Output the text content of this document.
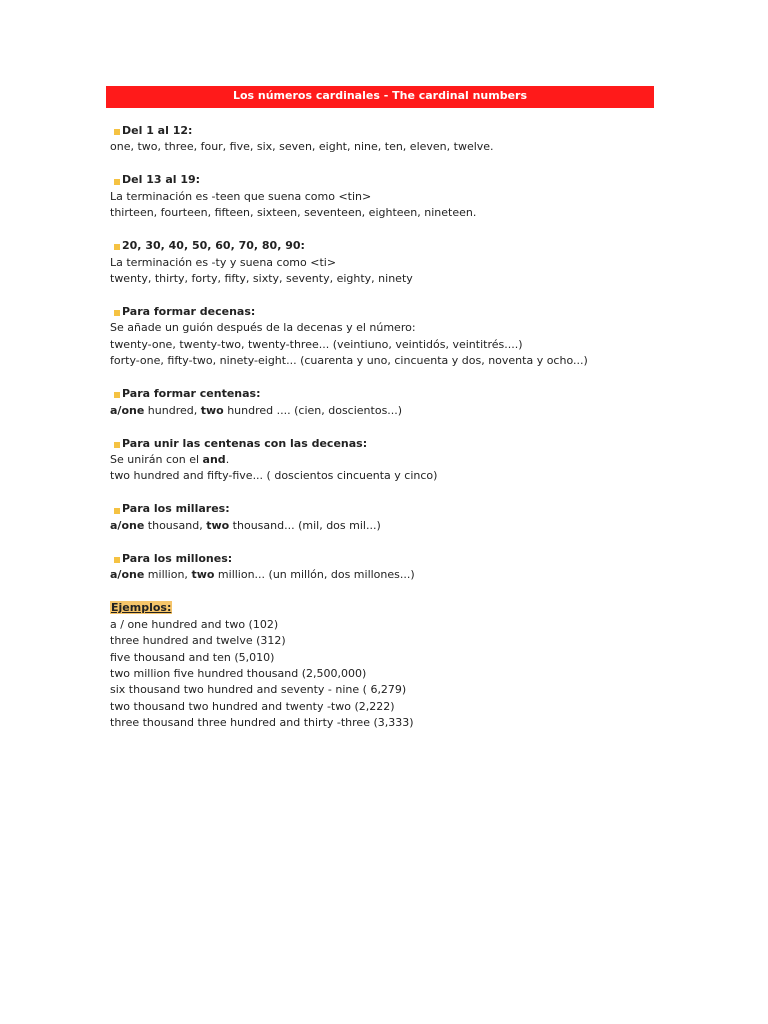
Los números cardinales - The cardinal numbers
Del 1 al 12:
one, two, three, four, five, six, seven, eight, nine, ten, eleven, twelve.
Del 13 al 19:
La terminación es -teen que suena como <tin>
thirteen, fourteen, fifteen, sixteen, seventeen, eighteen, nineteen.
20, 30, 40, 50, 60, 70, 80, 90:
La terminación es -ty y suena como <ti>
twenty, thirty, forty, fifty, sixty, seventy, eighty, ninety
Para formar decenas:
Se añade un guión después de la decenas y el número:
twenty-one, twenty-two, twenty-three... (veintiuno, veintidós, veintitrés....)
forty-one, fifty-two, ninety-eight... (cuarenta y uno, cincuenta y dos, noventa y ocho...)
Para formar centenas:
a/one hundred, two hundred .... (cien, doscientos...)
Para unir las centenas con las decenas:
Se unirán con el and.
two hundred and fifty-five... ( doscientos cincuenta y cinco)
Para los millares:
a/one thousand, two thousand... (mil, dos mil...)
Para los millones:
a/one million, two million... (un millón, dos millones...)
Ejemplos:
a / one hundred and two (102)
three hundred and twelve (312)
five thousand and ten (5,010)
two million five hundred thousand (2,500,000)
six thousand two hundred and seventy - nine ( 6,279)
two thousand two hundred and twenty -two (2,222)
three thousand three hundred and thirty -three (3,333)
